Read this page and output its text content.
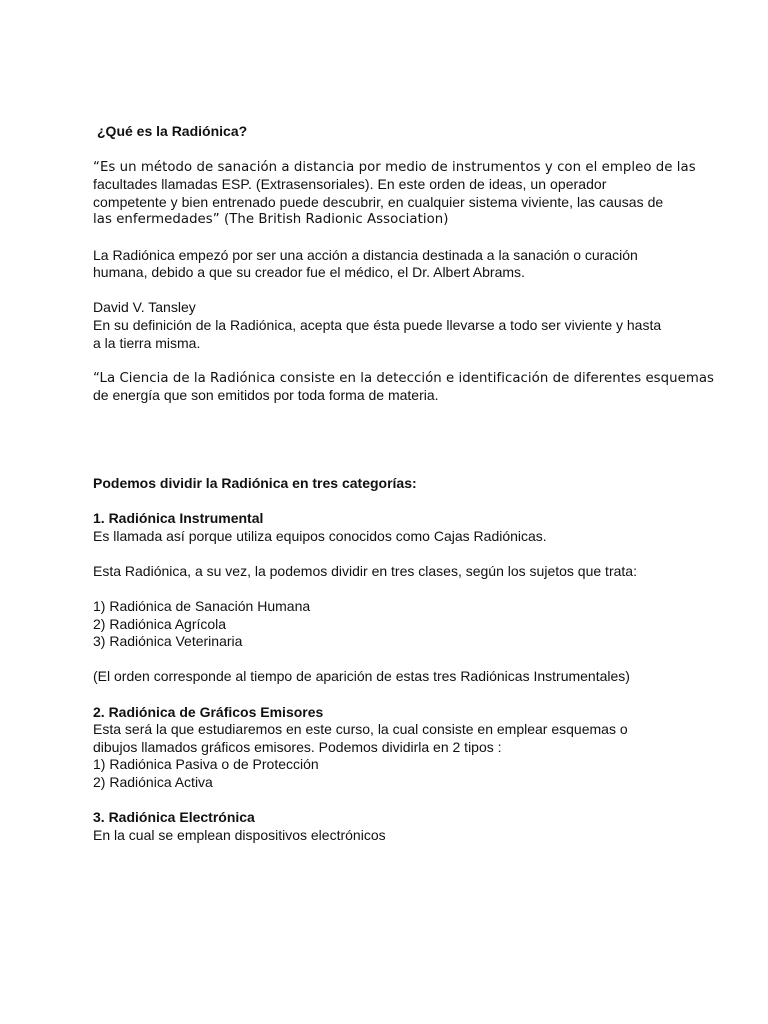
¿Qué es la Radiónica?
“Es un método de sanación a distancia por medio de instrumentos y con el empleo de las
facultades llamadas ESP. (Extrasensoriales). En este orden de ideas, un operador
competente y bien entrenado puede descubrir, en cualquier sistema viviente, las causas de
las enfermedades” (The British Radionic Association)
La Radiónica empezó por ser una acción a distancia destinada a la sanación o curación
humana, debido a que su creador fue el médico, el Dr. Albert Abrams.
David V. Tansley
En su definición de la Radiónica, acepta que ésta puede llevarse a todo ser viviente y hasta
a la tierra misma.
“La Ciencia de la Radiónica consiste en la detección e identificación de diferentes esquemas
de energía que son emitidos por toda forma de materia.
Podemos dividir la Radiónica en tres categorías:
1. Radiónica Instrumental
Es llamada así porque utiliza equipos conocidos como Cajas Radiónicas.
Esta Radiónica, a su vez, la podemos dividir en tres clases, según los sujetos que trata:
1) Radiónica de Sanación Humana
2) Radiónica Agrícola
3) Radiónica Veterinaria
(El orden corresponde al tiempo de aparición de estas tres Radiónicas Instrumentales)
2. Radiónica de Gráficos Emisores
Esta será la que estudiaremos en este curso, la cual consiste en emplear esquemas o
dibujos llamados gráficos emisores. Podemos dividirla en 2 tipos :
1) Radiónica Pasiva o de Protección
2) Radiónica Activa
3. Radiónica Electrónica
En la cual se emplean dispositivos electrónicos
